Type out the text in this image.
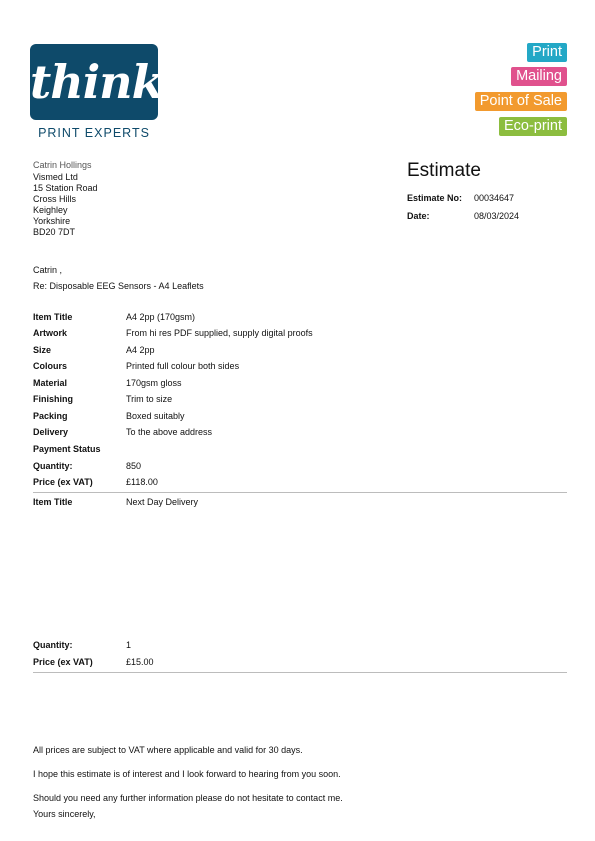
think
PRINT EXPERTS
Print
Mailing
Point of Sale
Eco-print
Catrin Hollings
Vismed Ltd
15 Station Road
Cross Hills
Keighley
Yorkshire
BD20 7DT
Estimate
Estimate No: 00034647
Date:	08/03/2024
Catrin ,
Re: Disposable EEG Sensors - A4 Leaflets
Item Title	A4 2pp (170gsm)
Artwork	From hi res PDF supplied, supply digital proofs
Size	A4 2pp
Colours	Printed full colour both sides
Material	170gsm gloss
Finishing	Trim to size
Packing	Boxed suitably
Delivery	To the above address
Payment Status
Quantity:	850
Price (ex VAT)	£118.00
Item Title	Next Day Delivery
Quantity:	1
Price (ex VAT)	£15.00
All prices are subject to VAT where applicable and valid for 30 days.
I hope this estimate is of interest and I look forward to hearing from you soon.
Should you need any further information please do not hesitate to contact me.
Yours sincerely,
